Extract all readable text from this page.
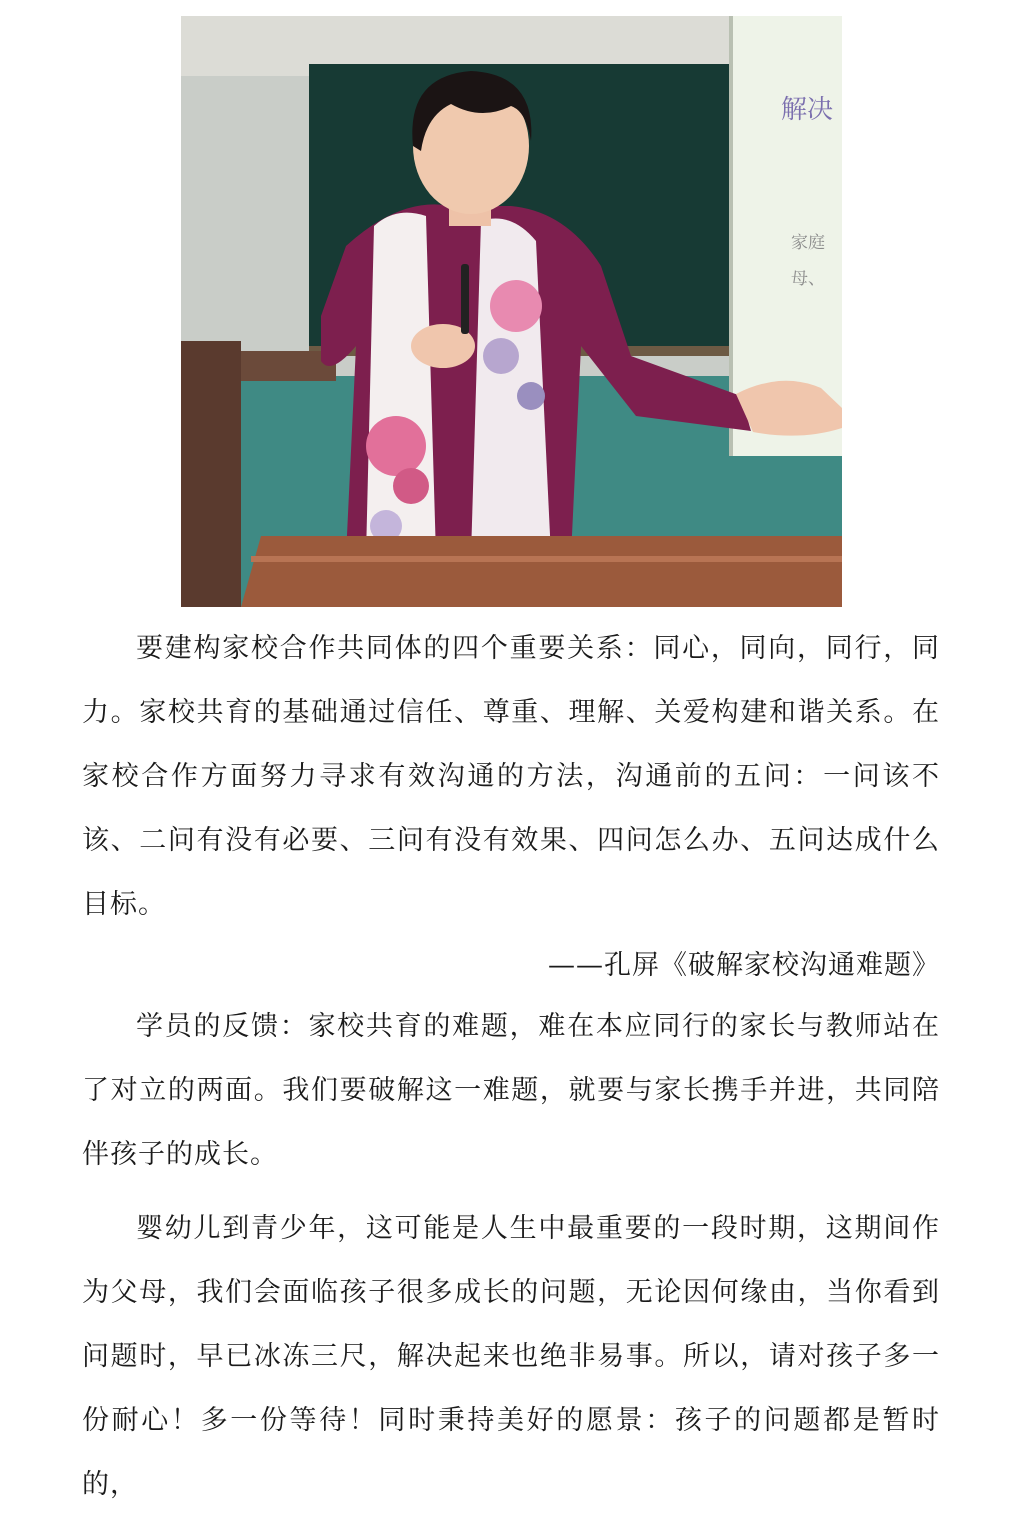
解决
家庭
母、

要建构家校合作共同体的四个重要关系：同心，同向，同行，同力。家校共育的基础通过信任、尊重、理解、关爱构建和谐关系。在家校合作方面努力寻求有效沟通的方法，沟通前的五问：一问该不该、二问有没有必要、三问有没有效果、四问怎么办、五问达成什么目标。

——孔屏《破解家校沟通难题》

学员的反馈：家校共育的难题，难在本应同行的家长与教师站在了对立的两面。我们要破解这一难题，就要与家长携手并进，共同陪伴孩子的成长。

婴幼儿到青少年，这可能是人生中最重要的一段时期，这期间作为父母，我们会面临孩子很多成长的问题，无论因何缘由，当你看到问题时，早已冰冻三尺，解决起来也绝非易事。所以，请对孩子多一份耐心！多一份等待！同时秉持美好的愿景：孩子的问题都是暂时的，
